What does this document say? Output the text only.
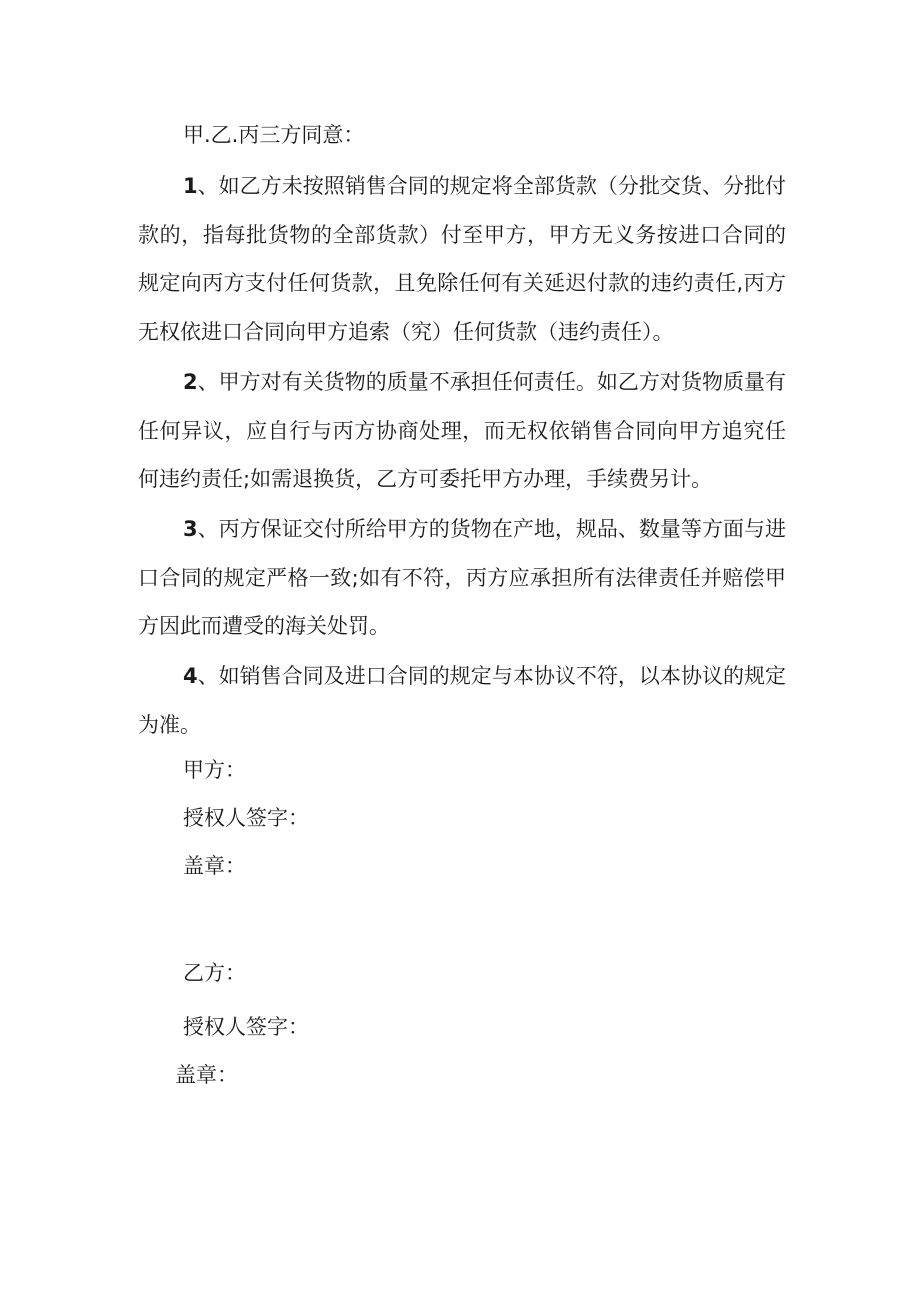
甲.乙.丙三方同意：

1、如乙方未按照销售合同的规定将全部货款（分批交货、分批付款的，指每批货物的全部货款）付至甲方，甲方无义务按进口合同的规定向丙方支付任何货款，且免除任何有关延迟付款的违约责任,丙方无权依进口合同向甲方追索（究）任何货款（违约责任）。

2、甲方对有关货物的质量不承担任何责任。如乙方对货物质量有任何异议，应自行与丙方协商处理，而无权依销售合同向甲方追究任何违约责任;如需退换货，乙方可委托甲方办理，手续费另计。

3、丙方保证交付所给甲方的货物在产地，规品、数量等方面与进口合同的规定严格一致;如有不符，丙方应承担所有法律责任并赔偿甲方因此而遭受的海关处罚。

4、如销售合同及进口合同的规定与本协议不符，以本协议的规定为准。

甲方：
授权人签字：
盖章：
乙方：
授权人签字：
盖章：
